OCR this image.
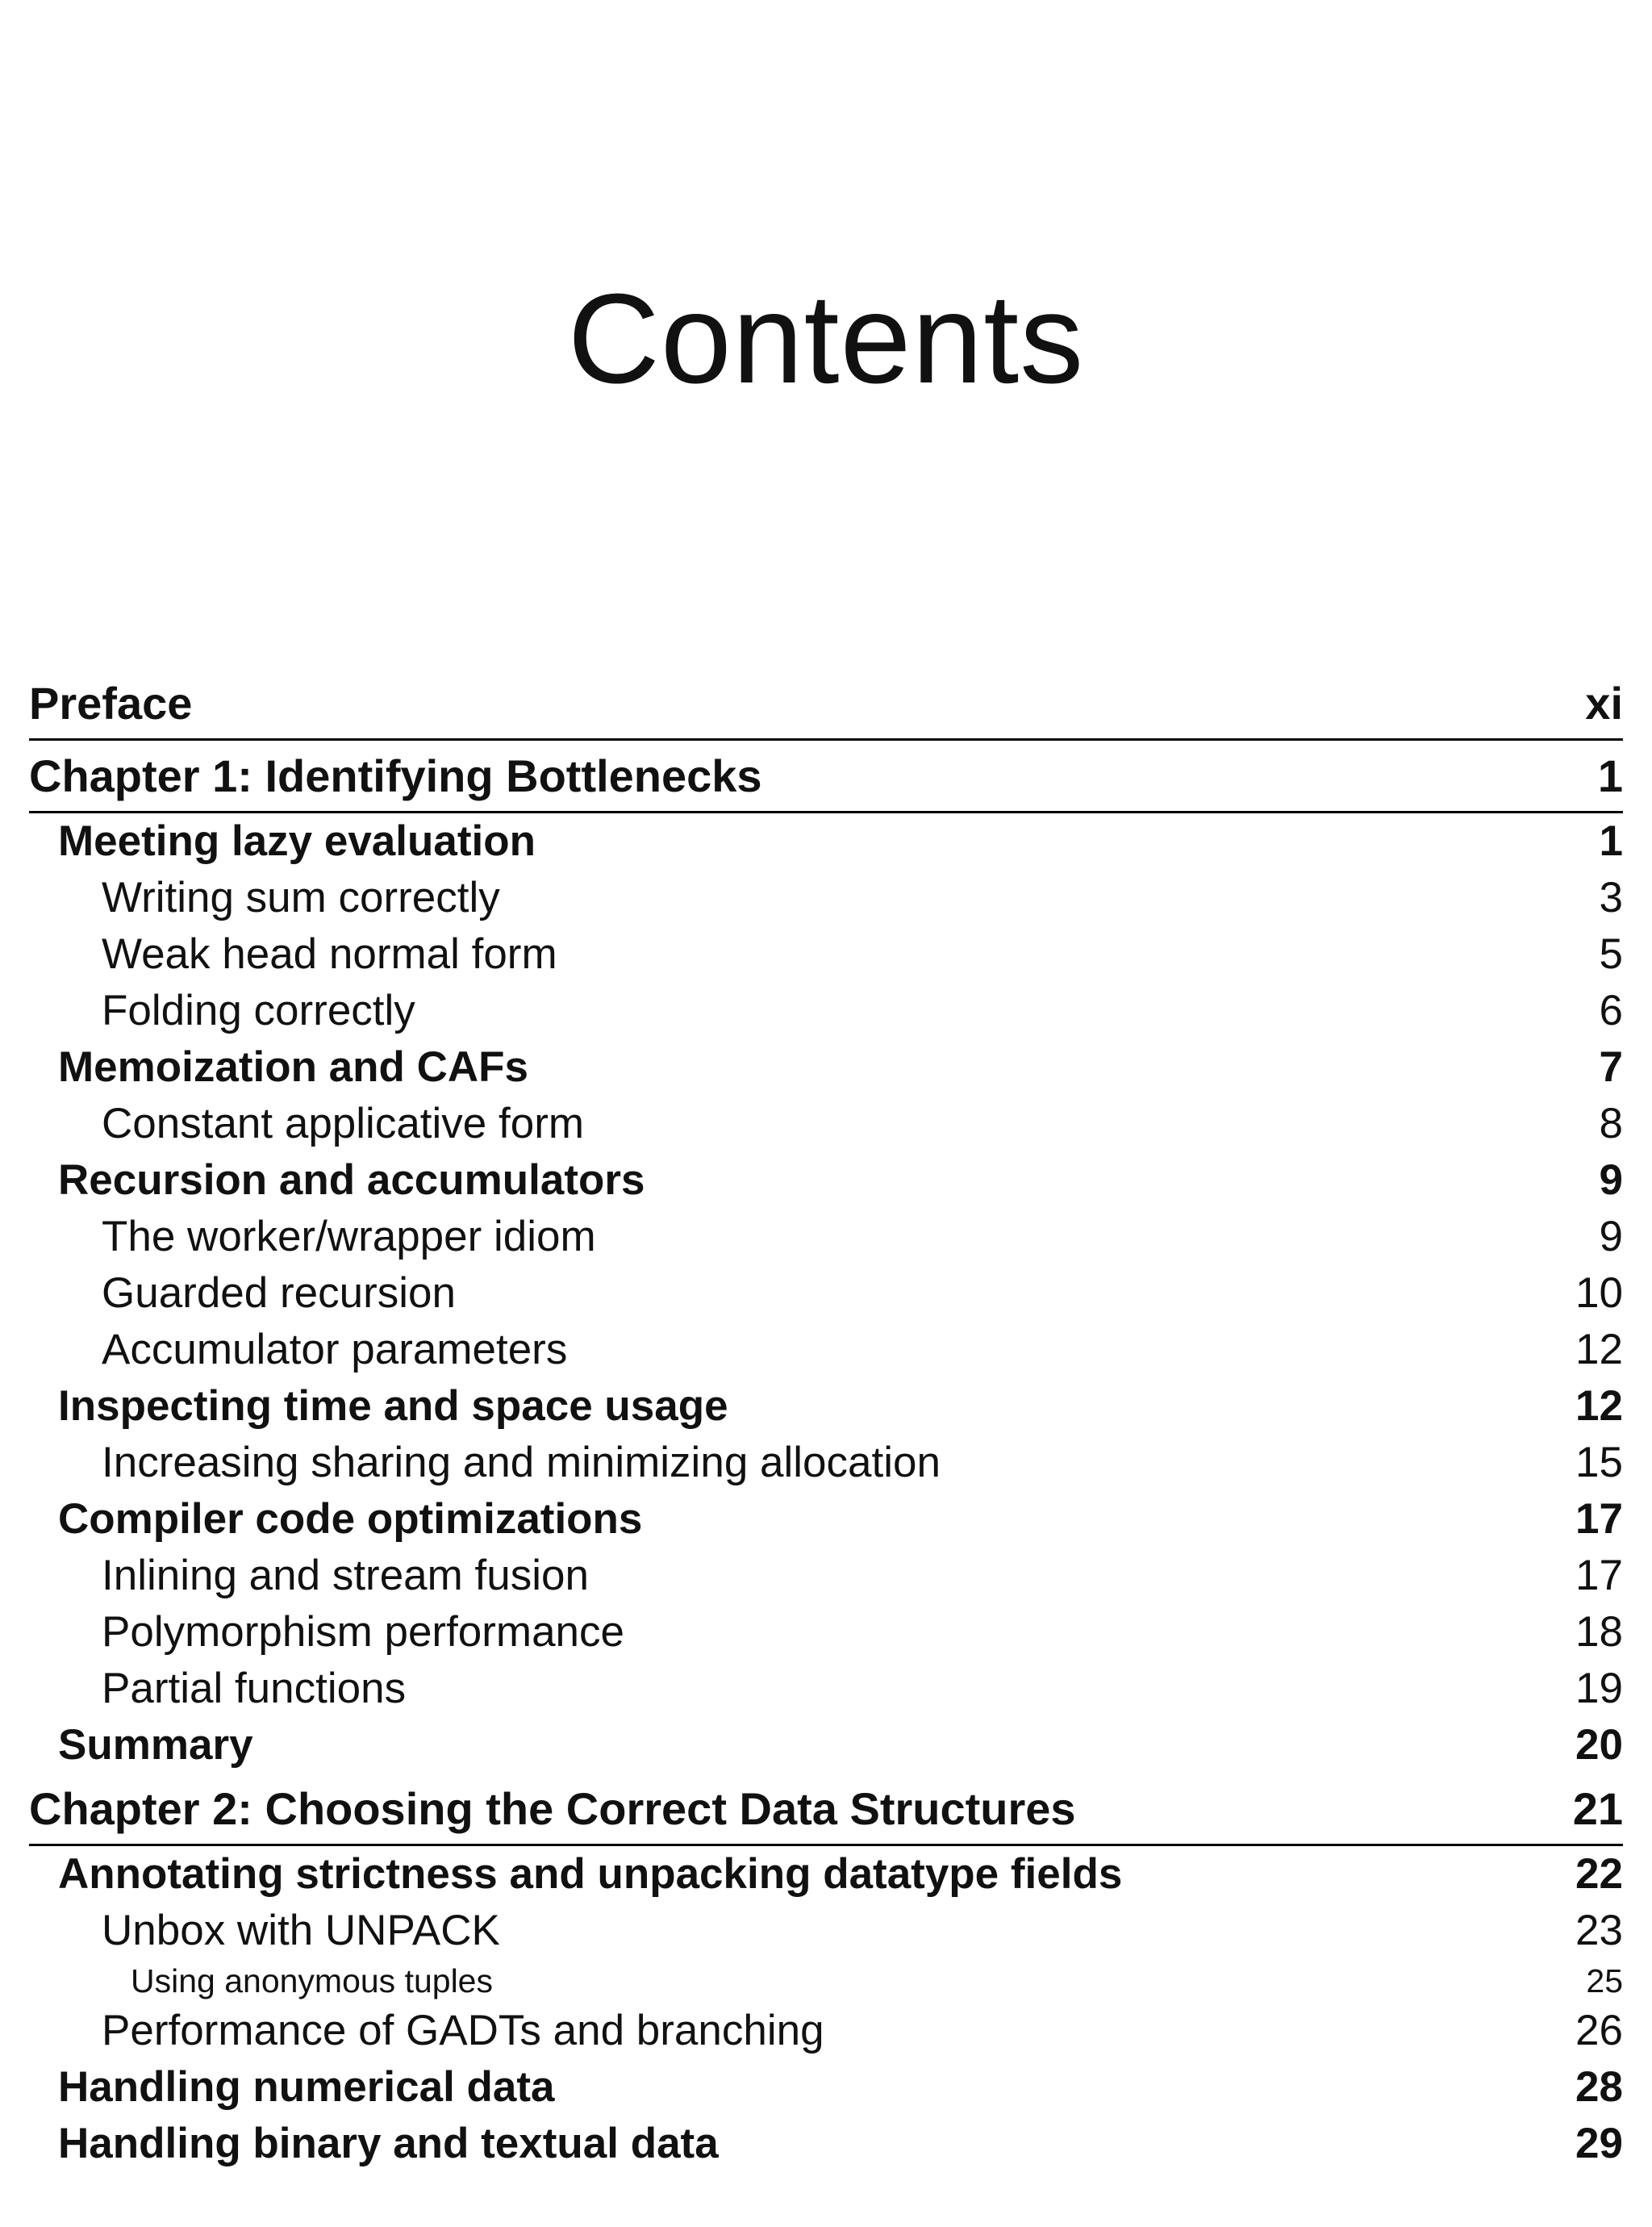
Contents
Preface	xi
Chapter 1: Identifying Bottlenecks	1
Meeting lazy evaluation	1
Writing sum correctly	3
Weak head normal form	5
Folding correctly	6
Memoization and CAFs	7
Constant applicative form	8
Recursion and accumulators	9
The worker/wrapper idiom	9
Guarded recursion	10
Accumulator parameters	12
Inspecting time and space usage	12
Increasing sharing and minimizing allocation	15
Compiler code optimizations	17
Inlining and stream fusion	17
Polymorphism performance	18
Partial functions	19
Summary	20
Chapter 2: Choosing the Correct Data Structures	21
Annotating strictness and unpacking datatype fields	22
Unbox with UNPACK	23
Using anonymous tuples	25
Performance of GADTs and branching	26
Handling numerical data	28
Handling binary and textual data	29
